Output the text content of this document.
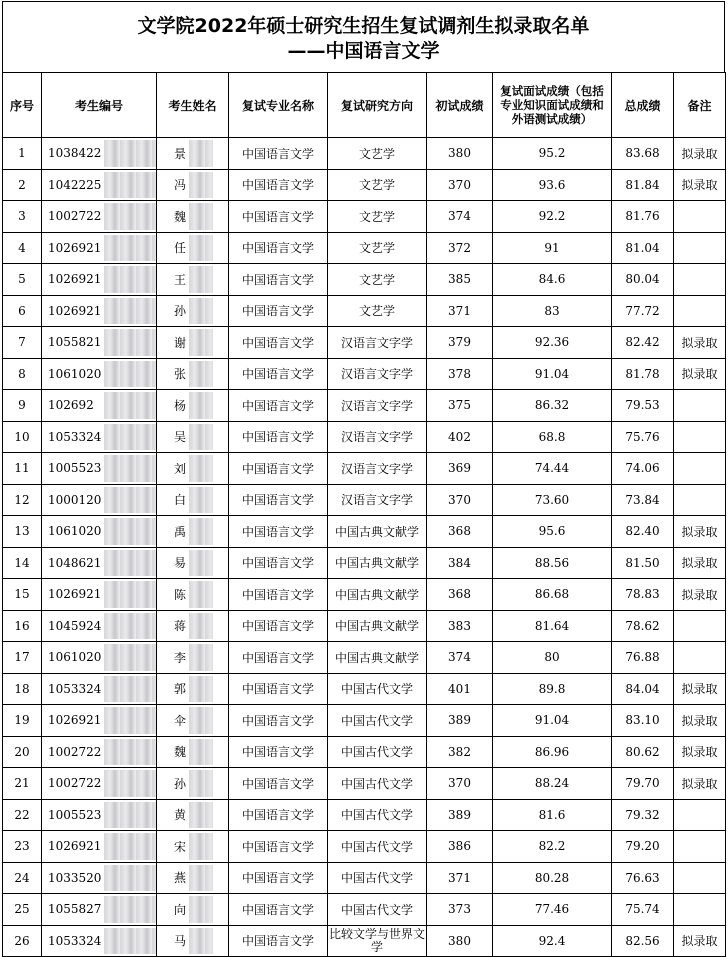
文学院2022年硕士研究生招生复试调剂生拟录取名单
——中国语言文学
序号	考生编号	考生姓名	复试专业名称	复试研究方向	初试成绩	复试面试成绩（包括专业知识面试成绩和外语测试成绩）	总成绩	备注
1	1038422	景	中国语言文学	文艺学	380	95.2	83.68	拟录取
2	1042225	冯	中国语言文学	文艺学	370	93.6	81.84	拟录取
3	1002722	魏	中国语言文学	文艺学	374	92.2	81.76	
4	1026921	任	中国语言文学	文艺学	372	91	81.04	
5	1026921	王	中国语言文学	文艺学	385	84.6	80.04	
6	1026921	孙	中国语言文学	文艺学	371	83	77.72	
7	1055821	谢	中国语言文学	汉语言文字学	379	92.36	82.42	拟录取
8	1061020	张	中国语言文学	汉语言文字学	378	91.04	81.78	拟录取
9	102692	杨	中国语言文学	汉语言文字学	375	86.32	79.53	
10	1053324	吴	中国语言文学	汉语言文字学	402	68.8	75.76	
11	1005523	刘	中国语言文学	汉语言文字学	369	74.44	74.06	
12	1000120	白	中国语言文学	汉语言文字学	370	73.60	73.84	
13	1061020	禹	中国语言文学	中国古典文献学	368	95.6	82.40	拟录取
14	1048621	易	中国语言文学	中国古典文献学	384	88.56	81.50	拟录取
15	1026921	陈	中国语言文学	中国古典文献学	368	86.68	78.83	拟录取
16	1045924	蒋	中国语言文学	中国古典文献学	383	81.64	78.62	
17	1061020	李	中国语言文学	中国古典文献学	374	80	76.88	
18	1053324	郭	中国语言文学	中国古代文学	401	89.8	84.04	拟录取
19	1026921	伞	中国语言文学	中国古代文学	389	91.04	83.10	拟录取
20	1002722	魏	中国语言文学	中国古代文学	382	86.96	80.62	拟录取
21	1002722	孙	中国语言文学	中国古代文学	370	88.24	79.70	拟录取
22	1005523	黄	中国语言文学	中国古代文学	389	81.6	79.32	
23	1026921	宋	中国语言文学	中国古代文学	386	82.2	79.20	
24	1033520	燕	中国语言文学	中国古代文学	371	80.28	76.63	
25	1055827	向	中国语言文学	中国古代文学	373	77.46	75.74	
26	1053324	马	中国语言文学	比较文学与世界文学	380	92.4	82.56	拟录取
